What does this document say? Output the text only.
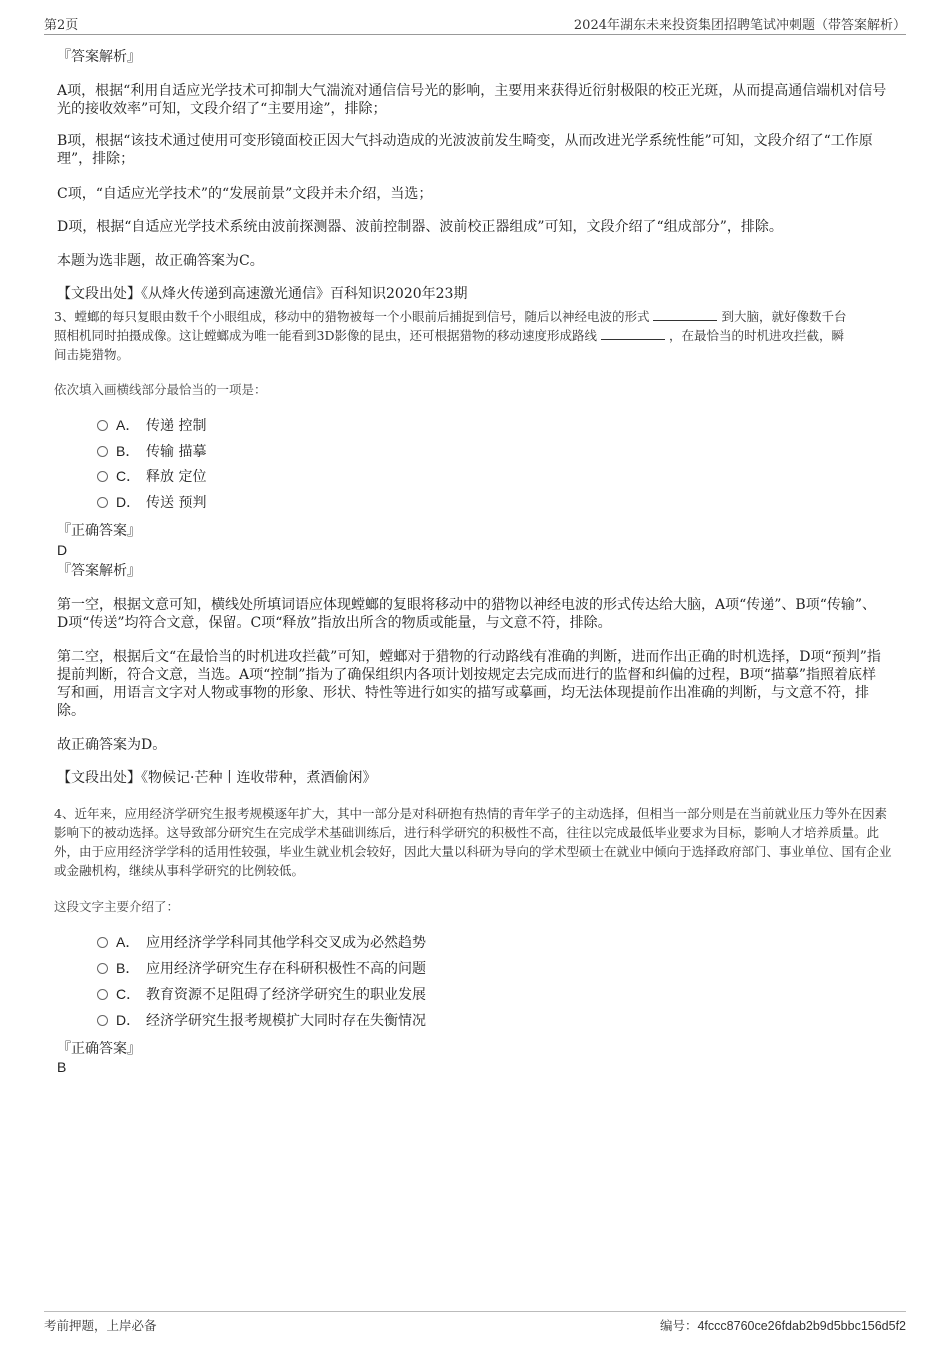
第2页	2024年湖东未来投资集团招聘笔试冲刺题（带答案解析）
『答案解析』
A项，根据“利用自适应光学技术可抑制大气湍流对通信信号光的影响，主要用来获得近衍射极限的校正光斑，从而提高通信端机对信号光的接收效率”可知，文段介绍了“主要用途”，排除；
B项，根据“该技术通过使用可变形镜面校正因大气抖动造成的光波波前发生畸变，从而改进光学系统性能”可知，文段介绍了“工作原理”，排除；
C项，“自适应光学技术”的“发展前景”文段并未介绍，当选；
D项，根据“自适应光学技术系统由波前探测器、波前控制器、波前校正器组成”可知，文段介绍了“组成部分”，排除。
本题为选非题，故正确答案为C。
【文段出处】《从烽火传递到高速激光通信》百科知识2020年23期
3、螳螂的每只复眼由数千个小眼组成，移动中的猎物被每一个小眼前后捕捉到信号，随后以神经电波的形式	到大脑，就好像数千台
照相机同时拍摄成像。这让螳螂成为唯一能看到3D影像的昆虫，还可根据猎物的移动速度形成路线	，在最恰当的时机进攻拦截，瞬
间击毙猎物。
依次填入画横线部分最恰当的一项是：
A． 传递 控制
B． 传输 描摹
C． 释放 定位
D． 传送 预判
『正确答案』
D
『答案解析』
第一空，根据文意可知，横线处所填词语应体现螳螂的复眼将移动中的猎物以神经电波的形式传达给大脑，A项“传递”、B项“传输”、D项“传送”均符合文意，保留。C项“释放”指放出所含的物质或能量，与文意不符，排除。
第二空，根据后文“在最恰当的时机进攻拦截”可知，螳螂对于猎物的行动路线有准确的判断，进而作出正确的时机选择，D项“预判”指提前判断，符合文意，当选。A项“控制”指为了确保组织内各项计划按规定去完成而进行的监督和纠偏的过程，B项“描摹”指照着底样写和画，用语言文字对人物或事物的形象、形状、特性等进行如实的描写或摹画，均无法体现提前作出准确的判断，与文意不符，排除。
故正确答案为D。
【文段出处】《物候记·芒种丨连收带种，煮酒偷闲》
4、近年来，应用经济学研究生报考规模逐年扩大，其中一部分是对科研抱有热情的青年学子的主动选择，但相当一部分则是在当前就业压力等外在因素影响下的被动选择。这导致部分研究生在完成学术基础训练后，进行科学研究的积极性不高，往往以完成最低毕业要求为目标，影响人才培养质量。此外，由于应用经济学学科的适用性较强，毕业生就业机会较好，因此大量以科研为导向的学术型硕士在就业中倾向于选择政府部门、事业单位、国有企业或金融机构，继续从事科学研究的比例较低。
这段文字主要介绍了：
A． 应用经济学学科同其他学科交叉成为必然趋势
B． 应用经济学研究生存在科研积极性不高的问题
C． 教育资源不足阻碍了经济学研究生的职业发展
D． 经济学研究生报考规模扩大同时存在失衡情况
『正确答案』
B
考前押题，上岸必备	编号：4fccc8760ce26fdab2b9d5bbc156d5f2
